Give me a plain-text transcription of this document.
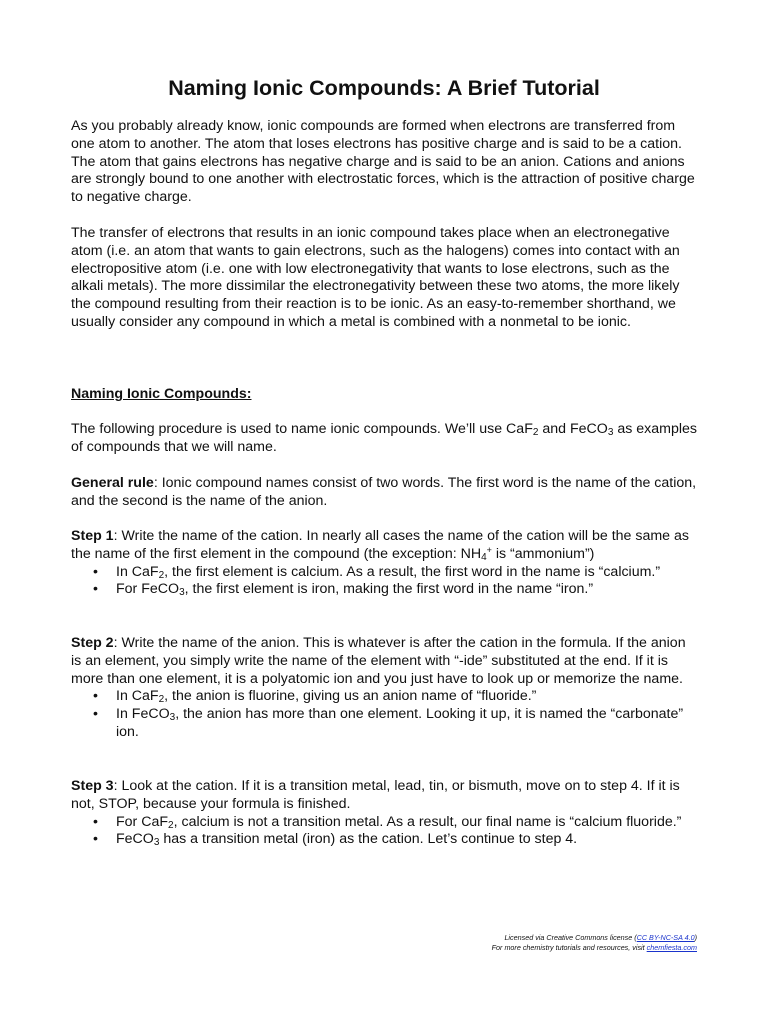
Naming Ionic Compounds: A Brief Tutorial

As you probably already know, ionic compounds are formed when electrons are transferred from one atom to another. The atom that loses electrons has positive charge and is said to be a cation. The atom that gains electrons has negative charge and is said to be an anion. Cations and anions are strongly bound to one another with electrostatic forces, which is the attraction of positive charge to negative charge.

The transfer of electrons that results in an ionic compound takes place when an electronegative atom (i.e. an atom that wants to gain electrons, such as the halogens) comes into contact with an electropositive atom (i.e. one with low electronegativity that wants to lose electrons, such as the alkali metals). The more dissimilar the electronegativity between these two atoms, the more likely the compound resulting from their reaction is to be ionic. As an easy-to-remember shorthand, we usually consider any compound in which a metal is combined with a nonmetal to be ionic.

Naming Ionic Compounds:

The following procedure is used to name ionic compounds. We’ll use CaF$_2$ and FeCO$_3$ as examples of compounds that we will name.

General rule: Ionic compound names consist of two words. The first word is the name of the cation, and the second is the name of the anion.

Step 1: Write the name of the cation. In nearly all cases the name of the cation will be the same as the name of the first element in the compound (the exception: $NH_4^+$ is “ammonium”)

• In CaF$_2$, the first element is calcium. As a result, the first word in the name is “calcium.”
• For FeCO$_3$, the first element is iron, making the first word in the name “iron.”

Step 2: Write the name of the anion. This is whatever is after the cation in the formula. If the anion is an element, you simply write the name of the element with “-ide” substituted at the end. If it is more than one element, it is a polyatomic ion and you just have to look up or memorize the name.

• In CaF$_2$, the anion is fluorine, giving us an anion name of “fluoride.”
• In FeCO$_3$, the anion has more than one element. Looking it up, it is named the “carbonate” ion.

Step 3: Look at the cation. If it is a transition metal, lead, tin, or bismuth, move on to step 4. If it is not, STOP, because your formula is finished.

• For CaF$_2$, calcium is not a transition metal. As a result, our final name is “calcium fluoride.”
• FeCO$_3$ has a transition metal (iron) as the cation. Let’s continue to step 4.
Licensed via Creative Commons license (CC BY-NC-SA 4.0)
For more chemistry tutorials and resources, visit chemfiesta.com
